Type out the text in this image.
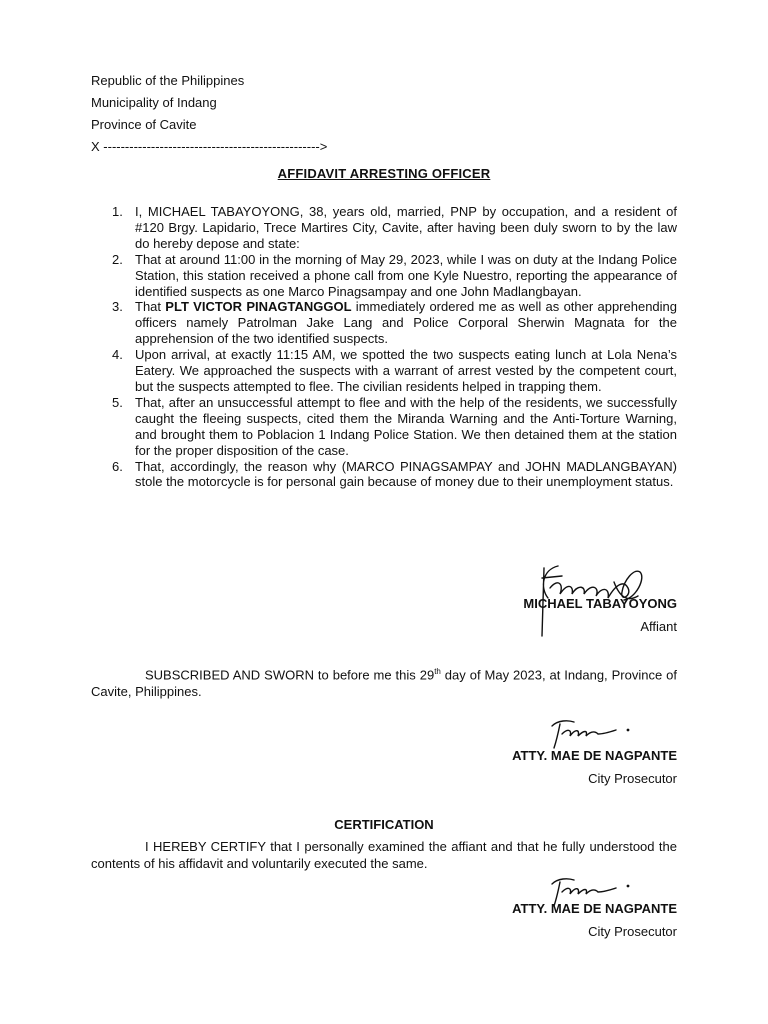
Republic of the Philippines
Municipality of Indang
Province of Cavite
X -------------------------------------------------->
AFFIDAVIT ARRESTING OFFICER
1. I, MICHAEL TABAYOYONG, 38, years old, married, PNP by occupation, and a resident of #120 Brgy. Lapidario, Trece Martires City, Cavite, after having been duly sworn to by the law do hereby depose and state:
2. That at around 11:00 in the morning of May 29, 2023, while I was on duty at the Indang Police Station, this station received a phone call from one Kyle Nuestro, reporting the appearance of identified suspects as one Marco Pinagsampay and one John Madlangbayan.
3. That PLT VICTOR PINAGTANGGOL immediately ordered me as well as other apprehending officers namely Patrolman Jake Lang and Police Corporal Sherwin Magnata for the apprehension of the two identified suspects.
4. Upon arrival, at exactly 11:15 AM, we spotted the two suspects eating lunch at Lola Nena’s Eatery. We approached the suspects with a warrant of arrest vested by the competent court, but the suspects attempted to flee. The civilian residents helped in trapping them.
5. That, after an unsuccessful attempt to flee and with the help of the residents, we successfully caught the fleeing suspects, cited them the Miranda Warning and the Anti-Torture Warning, and brought them to Poblacion 1 Indang Police Station. We then detained them at the station for the proper disposition of the case.
6. That, accordingly, the reason why (MARCO PINAGSAMPAY and JOHN MADLANGBAYAN) stole the motorcycle is for personal gain because of money due to their unemployment status.
MICHAEL TABAYOYONG
Affiant
SUBSCRIBED AND SWORN to before me this 29th day of May 2023, at Indang, Province of Cavite, Philippines.
ATTY. MAE DE NAGPANTE
City Prosecutor
CERTIFICATION
I HEREBY CERTIFY that I personally examined the affiant and that he fully understood the contents of his affidavit and voluntarily executed the same.
ATTY. MAE DE NAGPANTE
City Prosecutor
